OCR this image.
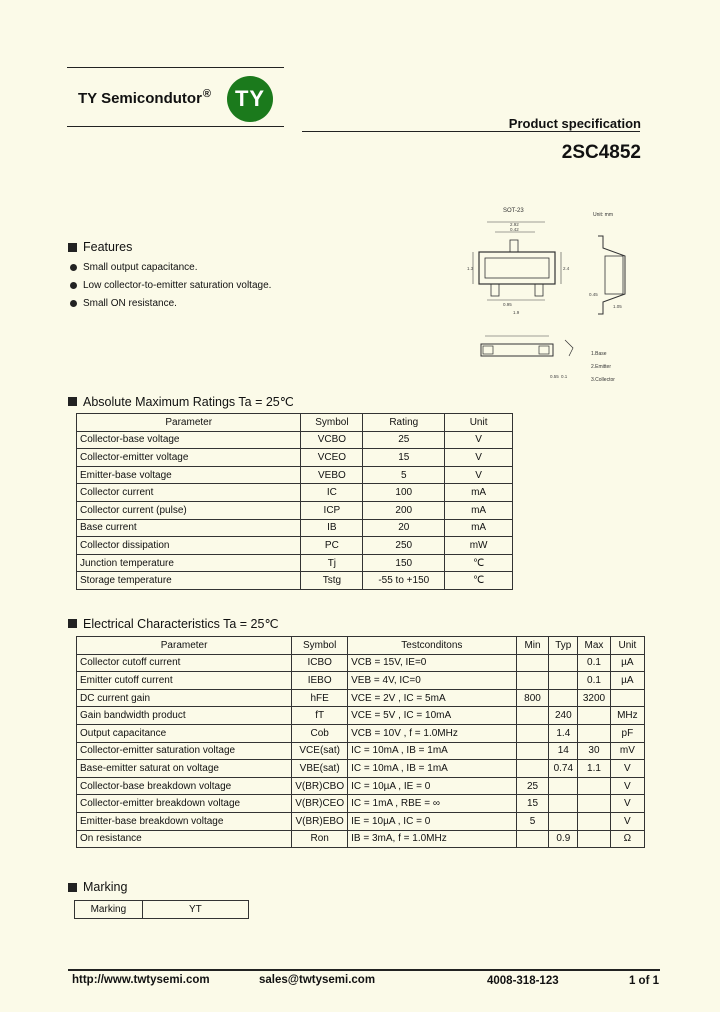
TY Semicondutor®	TY
Product specification
2SC4852
SOT-23
Unit: mm
2.92
0.42
1.3	2.4
0.95
1.9
1.05
0.45
0.55 0.1
1.Base
2.Emitter
3.Collector
Features
Small output capacitance.
Low collector-to-emitter saturation voltage.
Small ON resistance.
Absolute Maximum Ratings Ta = 25℃
Parameter	Symbol	Rating	Unit
Collector-base voltage	VCBO	25	V
Collector-emitter voltage	VCEO	15	V
Emitter-base voltage	VEBO	5	V
Collector current	IC	100	mA
Collector current (pulse)	ICP	200	mA
Base current	IB	20	mA
Collector dissipation	PC	250	mW
Junction temperature	Tj	150	℃
Storage temperature	Tstg	-55 to +150	℃
Electrical Characteristics Ta = 25℃
Parameter	Symbol	Testconditons	Min	Typ	Max	Unit
Collector cutoff current	ICBO	VCB = 15V, IE=0			0.1	µA
Emitter cutoff current	IEBO	VEB = 4V, IC=0			0.1	µA
DC current gain	hFE	VCE = 2V , IC = 5mA	800		3200	
Gain bandwidth product	fT	VCE = 5V , IC = 10mA		240		MHz
Output capacitance	Cob	VCB = 10V , f = 1.0MHz		1.4		pF
Collector-emitter saturation voltage	VCE(sat)	IC = 10mA , IB = 1mA		14	30	mV
Base-emitter saturat on voltage	VBE(sat)	IC = 10mA , IB = 1mA		0.74	1.1	V
Collector-base breakdown voltage	V(BR)CBO	IC = 10µA , IE = 0	25			V
Collector-emitter breakdown voltage	V(BR)CEO	IC = 1mA , RBE = ∞	15			V
Emitter-base breakdown voltage	V(BR)EBO	IE = 10µA , IC = 0	5			V
On resistance	Ron	IB = 3mA, f = 1.0MHz		0.9		Ω
Marking
Marking	YT
http://www.twtysemi.com	sales@twtysemi.com	4008-318-123	1 of 1
